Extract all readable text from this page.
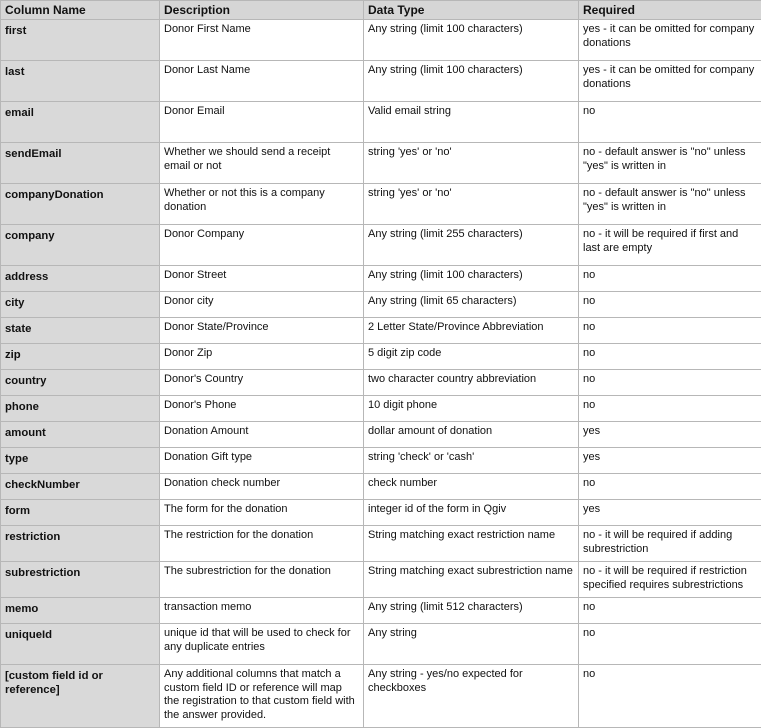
Column Name	Description	Data Type	Required
first	Donor First Name	Any string (limit 100 characters)	yes - it can be omitted for company donations
last	Donor Last Name	Any string (limit 100 characters)	yes - it can be omitted for company donations
email	Donor Email	Valid email string	no
sendEmail	Whether we should send a receipt email or not	string 'yes' or 'no'	no - default answer is "no" unless "yes" is written in
companyDonation	Whether or not this is a company donation	string 'yes' or 'no'	no - default answer is "no" unless "yes" is written in
company	Donor Company	Any string (limit 255 characters)	no - it will be required if first and last are empty
address	Donor Street	Any string (limit 100 characters)	no
city	Donor city	Any string (limit 65 characters)	no
state	Donor State/Province	2 Letter State/Province Abbreviation	no
zip	Donor Zip	5 digit zip code	no
country	Donor's Country	two character country abbreviation	no
phone	Donor's Phone	10 digit phone	no
amount	Donation Amount	dollar amount of donation	yes
type	Donation Gift type	string 'check' or 'cash'	yes
checkNumber	Donation check number	check number	no
form	The form for the donation	integer id of the form in Qgiv	yes
restriction	The restriction for the donation	String matching exact restriction name	no - it will be required if adding subrestriction
subrestriction	The subrestriction for the donation	String matching exact subrestriction name	no - it will be required if restriction specified requires subrestrictions
memo	transaction memo	Any string (limit 512 characters)	no
uniqueId	unique id that will be used to check for any duplicate entries	Any string	no
[custom field id or reference]	Any additional columns that match a custom field ID or reference will map the registration to that custom field with the answer provided.	Any string - yes/no expected for checkboxes	no
